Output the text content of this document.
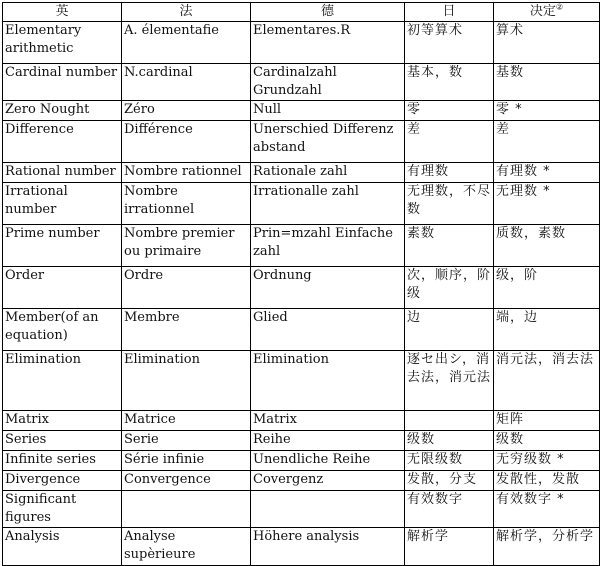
英	法	德	日	决定②
Elementary arithmetic	A. élementafie	Elementares.R	初等算术	算术
Cardinal number	N.cardinal	Cardinalzahl Grundzahl	基本，数	基数
Zero Nought	Zéro	Null	零	零 *
Difference	Différence	Unerschied Differenz abstand	差	差
Rational number	Nombre rationnel	Rationale zahl	有理数	有理数 *
Irrational number	Nombre irrationnel	Irrationalle zahl	无理数，不尽数	无理数 *
Prime number	Nombre premier ou primaire	Prin=mzahl Einfache zahl	素数	质数，素数
Order	Ordre	Ordnung	次，顺序，阶级	级，阶
Member(of an equation)	Membre	Glied	边	端，边
Elimination	Elimination	Elimination	逐セ出シ，消去法，消元法	消元法，消去法
Matrix	Matrice	Matrix		矩阵
Series	Serie	Reihe	级数	级数
Infinite series	Série infinie	Unendliche Reihe	无限级数	无穷级数 *
Divergence	Convergence	Covergenz	发散，分支	发散性，发散
Significant figures			有效数字	有效数字 *
Analysis	Analyse supèrieure	Höhere analysis	解析学	解析学，分析学
